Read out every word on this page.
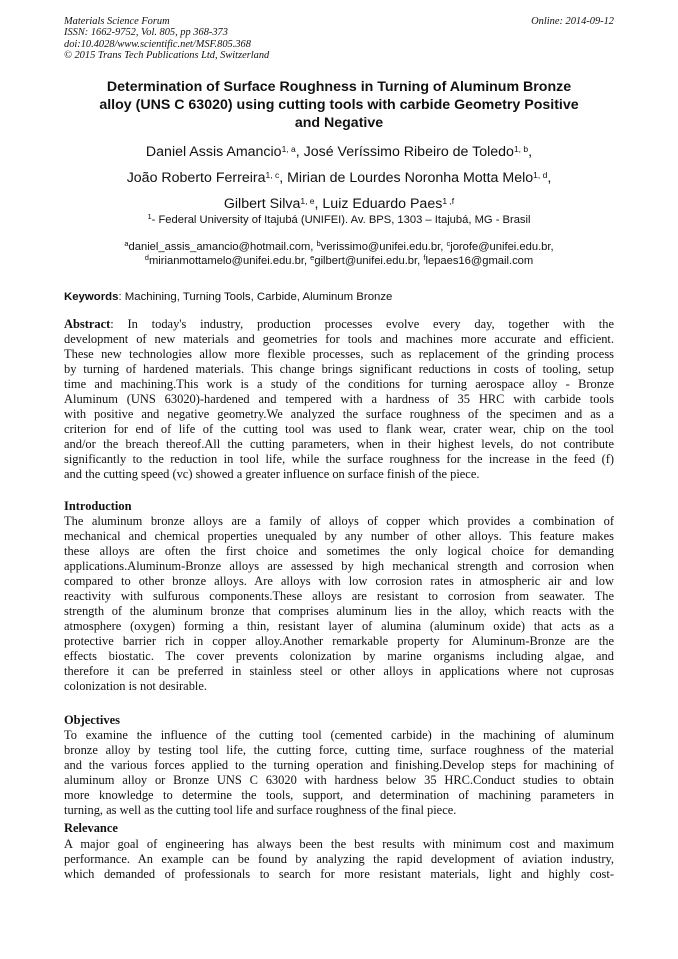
Materials Science Forum
ISSN: 1662-9752, Vol. 805, pp 368-373
doi:10.4028/www.scientific.net/MSF.805.368
© 2015 Trans Tech Publications Ltd, Switzerland
Online: 2014-09-12
Determination of Surface Roughness in Turning of Aluminum Bronze
alloy (UNS C 63020) using cutting tools with carbide Geometry Positive
and Negative
Daniel Assis Amancio$^{1, a}$, José Veríssimo Ribeiro de Toledo$^{1, b}$,
João Roberto Ferreira$^{1, c}$, Mirian de Lourdes Noronha Motta Melo$^{1, d}$,
Gilbert Silva$^{1, e}$, Luiz Eduardo Paes$^{1 ,f}$
$^1$- Federal University of Itajubá (UNIFEI). Av. BPS, 1303 – Itajubá, MG - Brasil
$^a$daniel_assis_amancio@hotmail.com, $^b$verissimo@unifei.edu.br, $^c$jorofe@unifei.edu.br,
$^d$mirianmottamelo@unifei.edu.br, $^e$gilbert@unifei.edu.br, $^f$lepaes16@gmail.com
Keywords: Machining, Turning Tools, Carbide, Aluminum Bronze
Abstract: In today's industry, production processes evolve every day, together with the
development of new materials and geometries for tools and machines more accurate and efficient.
These new technologies allow more flexible processes, such as replacement of the grinding process
by turning of hardened materials. This change brings significant reductions in costs of tooling, setup
time and machining.This work is a study of the conditions for turning aerospace alloy - Bronze
Aluminum (UNS 63020)-hardened and tempered with a hardness of 35 HRC with carbide tools
with positive and negative geometry.We analyzed the surface roughness of the specimen and as a
criterion for end of life of the cutting tool was used to flank wear, crater wear, chip on the tool
and/or the breach thereof.All the cutting parameters, when in their highest levels, do not contribute
significantly to the reduction in tool life, while the surface roughness for the increase in the feed (f)
and the cutting speed (vc) showed a greater influence on surface finish of the piece.
Introduction
The aluminum bronze alloys are a family of alloys of copper which provides a combination of
mechanical and chemical properties unequaled by any number of other alloys. This feature makes
these alloys are often the first choice and sometimes the only logical choice for demanding
applications.Aluminum-Bronze alloys are assessed by high mechanical strength and corrosion when
compared to other bronze alloys. Are alloys with low corrosion rates in atmospheric air and low
reactivity with sulfurous components.These alloys are resistant to corrosion from seawater. The
strength of the aluminum bronze that comprises aluminum lies in the alloy, which reacts with the
atmosphere (oxygen) forming a thin, resistant layer of alumina (aluminum oxide) that acts as a
protective barrier rich in copper alloy.Another remarkable property for Aluminum-Bronze are the
effects biostatic. The cover prevents colonization by marine organisms including algae, and
therefore it can be preferred in stainless steel or other alloys in applications where not cuprosas
colonization is not desirable.
Objectives
To examine the influence of the cutting tool (cemented carbide) in the machining of aluminum
bronze alloy by testing tool life, the cutting force, cutting time, surface roughness of the material
and the various forces applied to the turning operation and finishing.Develop steps for machining of
aluminum alloy or Bronze UNS C 63020 with hardness below 35 HRC.Conduct studies to obtain
more knowledge to determine the tools, support, and determination of machining parameters in
turning, as well as the cutting tool life and surface roughness of the final piece.
Relevance
A major goal of engineering has always been the best results with minimum cost and maximum
performance. An example can be found by analyzing the rapid development of aviation industry,
which demanded of professionals to search for more resistant materials, light and highly cost-
